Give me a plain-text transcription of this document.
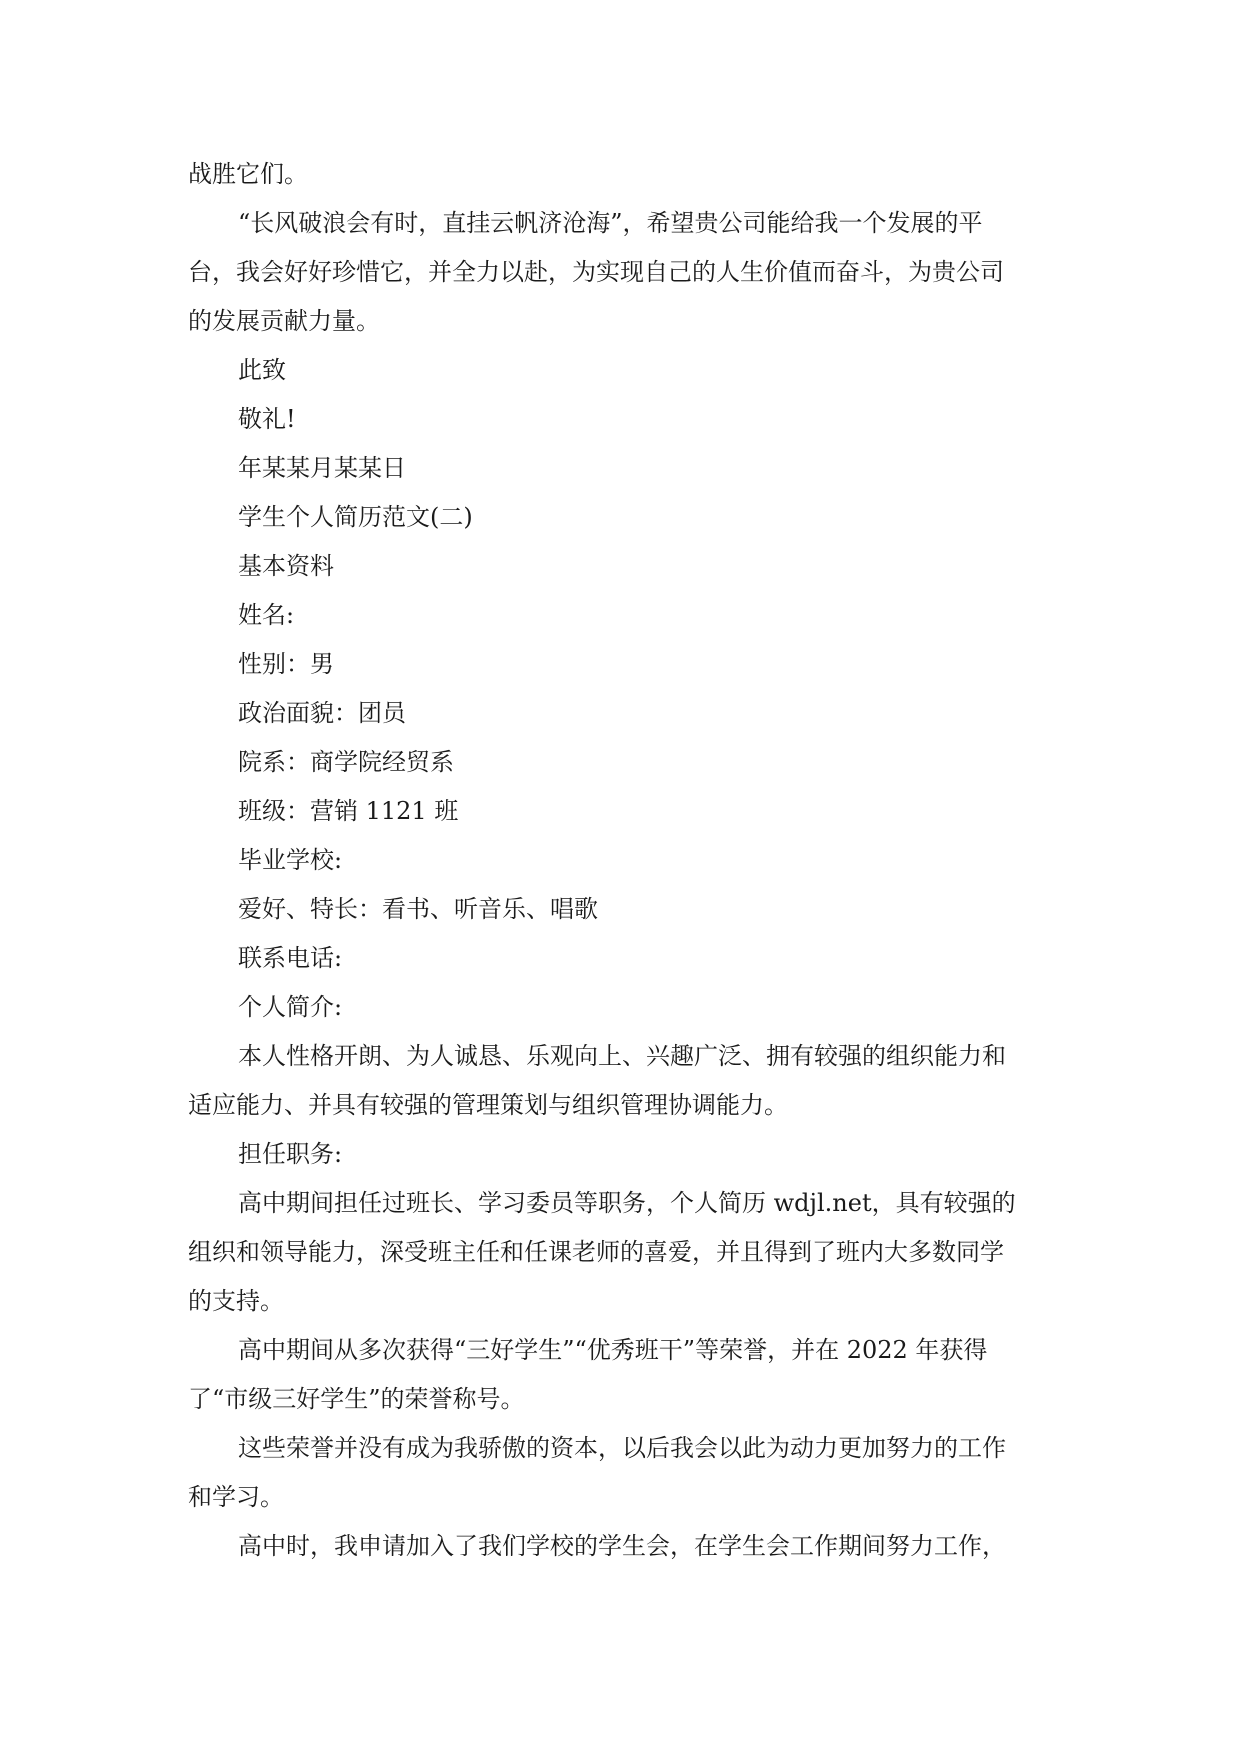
战胜它们。

“长风破浪会有时，直挂云帆济沧海”，希望贵公司能给我一个发展的平

台，我会好好珍惜它，并全力以赴，为实现自己的人生价值而奋斗，为贵公司

的发展贡献力量。

此致

敬礼!

年某某月某某日

学生个人简历范文(二)

基本资料

姓名:

性别：男

政治面貌：团员

院系：商学院经贸系

班级：营销 1121 班

毕业学校:

爱好、特长：看书、听音乐、唱歌

联系电话:

个人简介:

本人性格开朗、为人诚恳、乐观向上、兴趣广泛、拥有较强的组织能力和

适应能力、并具有较强的管理策划与组织管理协调能力。

担任职务:

高中期间担任过班长、学习委员等职务，个人简历 wdjl.net，具有较强的

组织和领导能力，深受班主任和任课老师的喜爱，并且得到了班内大多数同学

的支持。

高中期间从多次获得“三好学生”“优秀班干”等荣誉，并在 2022 年获得

了“市级三好学生”的荣誉称号。

这些荣誉并没有成为我骄傲的资本，以后我会以此为动力更加努力的工作

和学习。

高中时，我申请加入了我们学校的学生会，在学生会工作期间努力工作，
